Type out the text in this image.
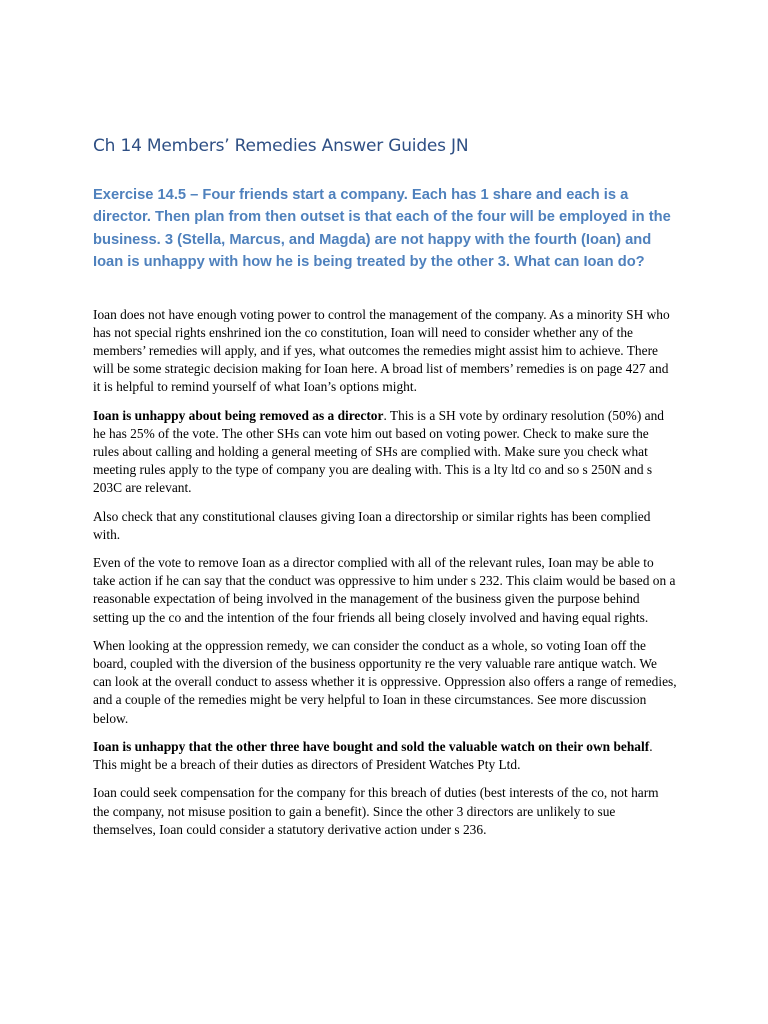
Ch 14 Members’ Remedies Answer Guides JN

Exercise 14.5 – Four friends start a company. Each has 1 share and each is a director. Then plan from then outset is that each of the four will be employed in the business. 3 (Stella, Marcus, and Magda) are not happy with the fourth (Ioan) and Ioan is unhappy with how he is being treated by the other 3. What can Ioan do?

Ioan does not have enough voting power to control the management of the company. As a minority SH who has not special rights enshrined ion the co constitution, Ioan will need to consider whether any of the members’ remedies will apply, and if yes, what outcomes the remedies might assist him to achieve. There will be some strategic decision making for Ioan here. A broad list of members’ remedies is on page 427 and it is helpful to remind yourself of what Ioan’s options might.

Ioan is unhappy about being removed as a director. This is a SH vote by ordinary resolution (50%) and he has 25% of the vote. The other SHs can vote him out based on voting power. Check to make sure the rules about calling and holding a general meeting of SHs are complied with. Make sure you check what meeting rules apply to the type of company you are dealing with. This is a lty ltd co and so s 250N and s 203C are relevant.

Also check that any constitutional clauses giving Ioan a directorship or similar rights has been complied with.

Even of the vote to remove Ioan as a director complied with all of the relevant rules, Ioan may be able to take action if he can say that the conduct was oppressive to him under s 232. This claim would be based on a reasonable expectation of being involved in the management of the business given the purpose behind setting up the co and the intention of the four friends all being closely involved and having equal rights.

When looking at the oppression remedy, we can consider the conduct as a whole, so voting Ioan off the board, coupled with the diversion of the business opportunity re the very valuable rare antique watch. We can look at the overall conduct to assess whether it is oppressive. Oppression also offers a range of remedies, and a couple of the remedies might be very helpful to Ioan in these circumstances. See more discussion below.

Ioan is unhappy that the other three have bought and sold the valuable watch on their own behalf. This might be a breach of their duties as directors of President Watches Pty Ltd.

Ioan could seek compensation for the company for this breach of duties (best interests of the co, not harm the company, not misuse position to gain a benefit). Since the other 3 directors are unlikely to sue themselves, Ioan could consider a statutory derivative action under s 236.
